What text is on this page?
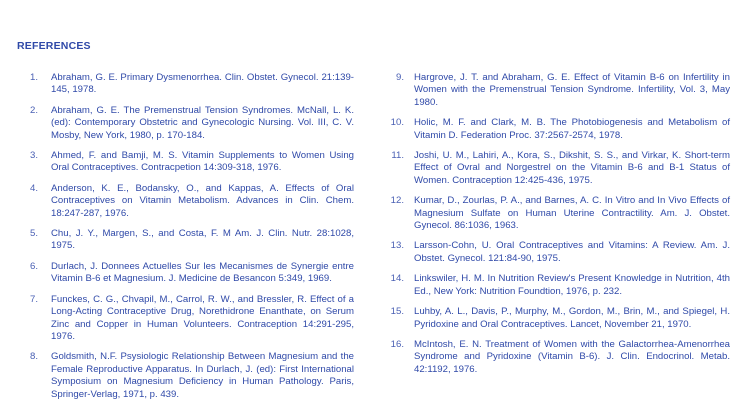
REFERENCES
1. Abraham, G. E. Primary Dysmenorrhea. Clin. Obstet. Gynecol. 21:139-145, 1978.
2. Abraham, G. E. The Premenstrual Tension Syndromes. McNall, L. K. (ed): Contemporary Obstetric and Gynecologic Nursing. Vol. III, C. V. Mosby, New York, 1980, p. 170-184.
3. Ahmed, F. and Bamji, M. S. Vitamin Supplements to Women Using Oral Contraceptives. Contracpetion 14:309-318, 1976.
4. Anderson, K. E., Bodansky, O., and Kappas, A. Effects of Oral Contraceptives on Vitamin Metabolism. Advances in Clin. Chem. 18:247-287, 1976.
5. Chu, J. Y., Margen, S., and Costa, F. M Am. J. Clin. Nutr. 28:1028, 1975.
6. Durlach, J. Donnees Actuelles Sur les Mecanismes de Synergie entre Vitamin B-6 et Magnesium. J. Medicine de Besancon 5:349, 1969.
7. Funckes, C. G., Chvapil, M., Carrol, R. W., and Bressler, R. Effect of a Long-Acting Contraceptive Drug, Norethidrone Enanthate, on Serum Zinc and Copper in Human Volunteers. Contraception 14:291-295, 1976.
8. Goldsmith, N.F. Psysiologic Relationship Between Magnesium and the Female Reproductive Apparatus. In Durlach, J. (ed): First International Symposium on Magnesium Deficiency in Human Pathology. Paris, Springer-Verlag, 1971, p. 439.
9. Hargrove, J. T. and Abraham, G. E. Effect of Vitamin B-6 on Infertility in Women with the Premenstrual Tension Syndrome. Infertility, Vol. 3, May 1980.
10. Holic, M. F. and Clark, M. B. The Photobiogenesis and Metabolism of Vitamin D. Federation Proc. 37:2567-2574, 1978.
11. Joshi, U. M., Lahiri, A., Kora, S., Dikshit, S. S., and Virkar, K. Short-term Effect of Ovral and Norgestrel on the Vitamin B-6 and B-1 Status of Women. Contraception 12:425-436, 1975.
12. Kumar, D., Zourlas, P. A., and Barnes, A. C. In Vitro and In Vivo Effects of Magnesium Sulfate on Human Uterine Contractility. Am. J. Obstet. Gynecol. 86:1036, 1963.
13. Larsson-Cohn, U. Oral Contraceptives and Vitamins: A Review. Am. J. Obstet. Gynecol. 121:84-90, 1975.
14. Linkswiler, H. M. In Nutrition Review's Present Knowledge in Nutrition, 4th Ed., New York: Nutrition Foundtion, 1976, p. 232.
15. Luhby, A. L., Davis, P., Murphy, M., Gordon, M., Brin, M., and Spiegel, H. Pyridoxine and Oral Contraceptives. Lancet, November 21, 1970.
16. McIntosh, E. N. Treatment of Women with the Galactorrhea-Amenorrhea Syndrome and Pyridoxine (Vitamin B-6). J. Clin. Endocrinol. Metab. 42:1192, 1976.
